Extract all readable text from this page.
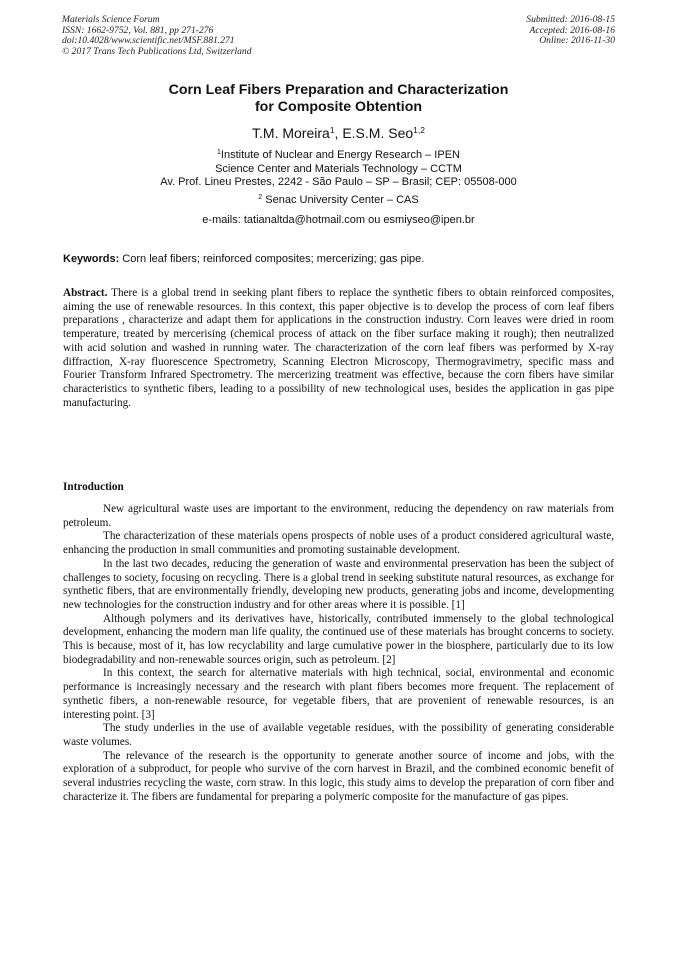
Materials Science Forum
ISSN: 1662-9752, Vol. 881, pp 271-276
doi:10.4028/www.scientific.net/MSF.881.271
© 2017 Trans Tech Publications Ltd, Switzerland
Submitted: 2016-08-15
Accepted: 2016-08-16
Online: 2016-11-30
Corn Leaf Fibers Preparation and Characterization
for Composite Obtention
T.M. Moreira$^1$, E.S.M. Seo$^{1,2}$
$^1$Institute of Nuclear and Energy Research – IPEN
Science Center and Materials Technology – CCTM
Av. Prof. Lineu Prestes, 2242 - São Paulo – SP – Brasil; CEP: 05508-000
$^2$ Senac University Center – CAS
e-mails: tatianaltda@hotmail.com ou esmiyseo@ipen.br
Keywords: Corn leaf fibers; reinforced composites; mercerizing; gas pipe.
Abstract. There is a global trend in seeking plant fibers to replace the synthetic fibers to obtain reinforced composites, aiming the use of renewable resources. In this context, this paper objective is to develop the process of corn leaf fibers preparations , characterize and adapt them for applications in the construction industry. Corn leaves were dried in room temperature, treated by mercerising (chemical process of attack on the fiber surface making it rough); then neutralized with acid solution and washed in running water. The characterization of the corn leaf fibers was performed by X-ray diffraction, X-ray fluorescence Spectrometry, Scanning Electron Microscopy, Thermogravimetry, specific mass and Fourier Transform Infrared Spectrometry. The mercerizing treatment was effective, because the corn fibers have similar characteristics to synthetic fibers, leading to a possibility of new technological uses, besides the application in gas pipe manufacturing.
Introduction

New agricultural waste uses are important to the environment, reducing the dependency on raw materials from petroleum.

The characterization of these materials opens prospects of noble uses of a product considered agricultural waste, enhancing the production in small communities and promoting sustainable development.

In the last two decades, reducing the generation of waste and environmental preservation has been the subject of challenges to society, focusing on recycling. There is a global trend in seeking substitute natural resources, as exchange for synthetic fibers, that are environmentally friendly, developing new products, generating jobs and income, developmenting new technologies for the construction industry and for other areas where it is possible. [1]

Although polymers and its derivatives have, historically, contributed immensely to the global technological development, enhancing the modern man life quality, the continued use of these materials has brought concerns to society. This is because, most of it, has low recyclability and large cumulative power in the biosphere, particularly due to its low biodegradability and non-renewable sources origin, such as petroleum. [2]

In this context, the search for alternative materials with high technical, social, environmental and economic performance is increasingly necessary and the research with plant fibers becomes more frequent. The replacement of synthetic fibers, a non-renewable resource, for vegetable fibers, that are provenient of renewable resources, is an interesting point. [3]

The study underlies in the use of available vegetable residues, with the possibility of generating considerable waste volumes.

The relevance of the research is the opportunity to generate another source of income and jobs, with the exploration of a subproduct, for people who survive of the corn harvest in Brazil, and the combined economic benefit of several industries recycling the waste, corn straw. In this logic, this study aims to develop the preparation of corn fiber and characterize it. The fibers are fundamental for preparing a polymeric composite for the manufacture of gas pipes.
